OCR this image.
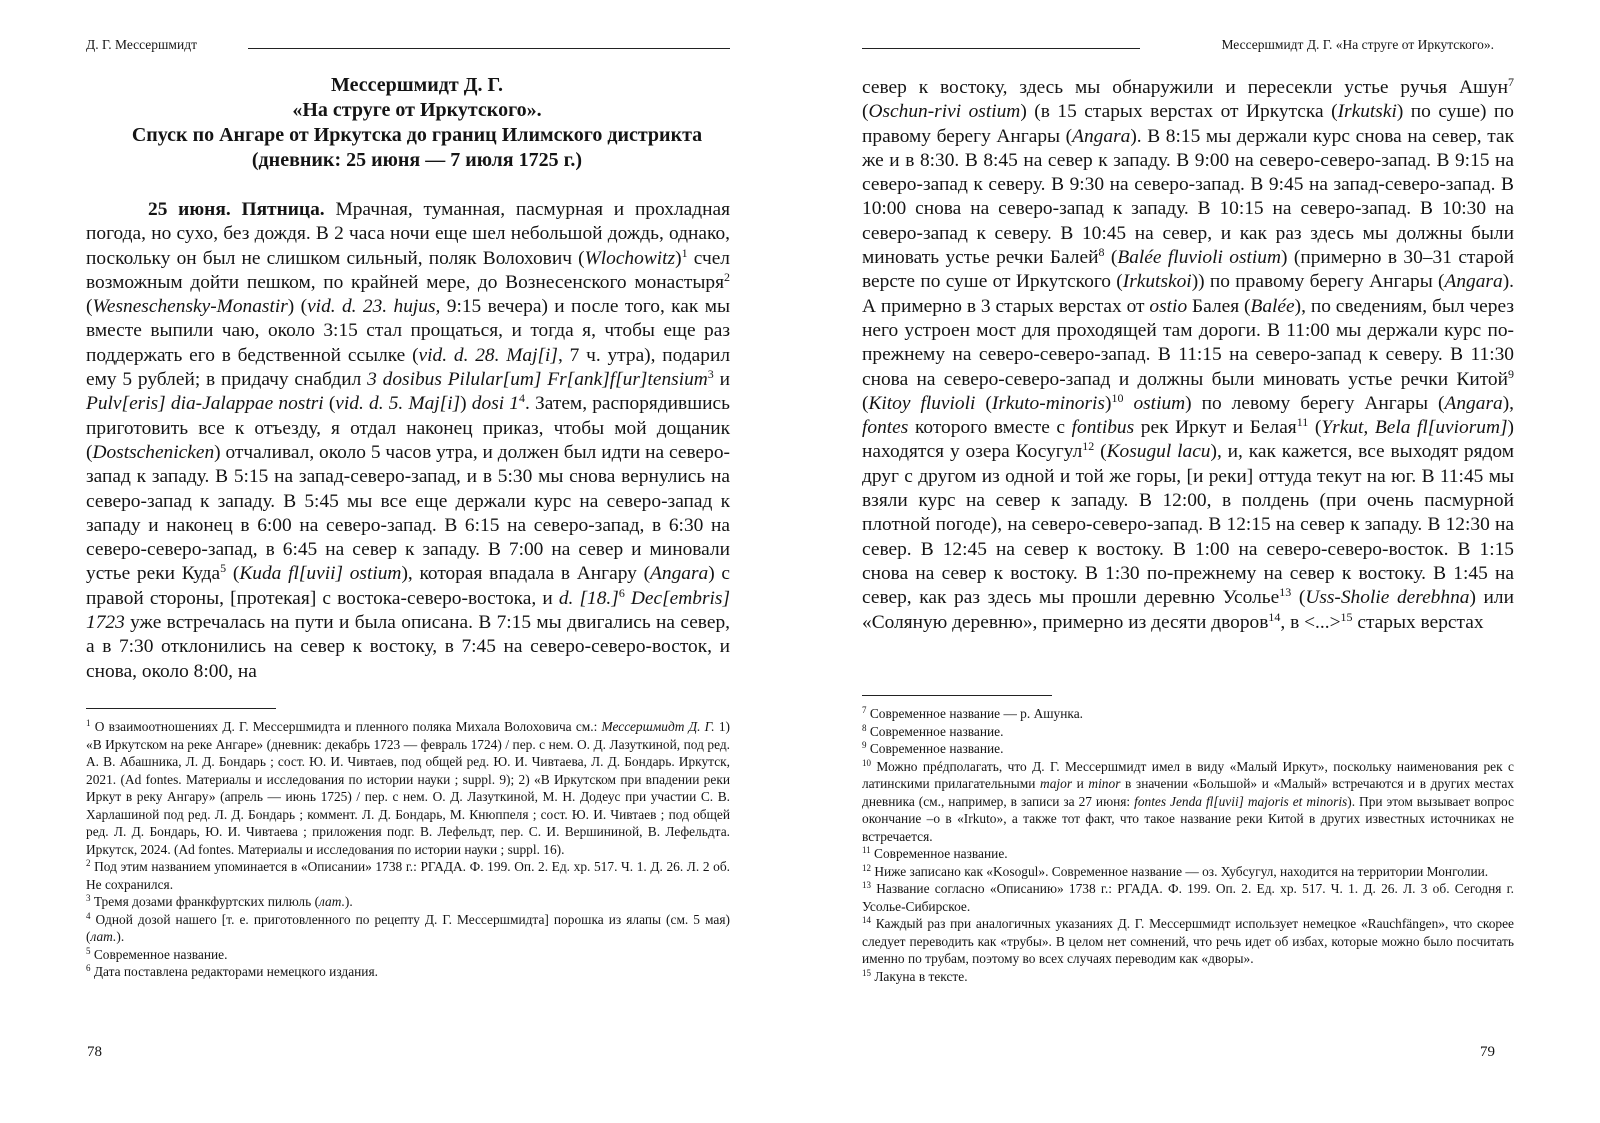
Д. Г. Мессершмидт
Мессершмидт Д. Г.
«На струге от Иркутского».
Спуск по Ангаре от Иркутска до границ Илимского дистрикта
(дневник: 25 июня — 7 июля 1725 г.)

25 июня. Пятница. Мрачная, туманная, пасмурная и прохладная погода, но сухо, без дождя. В 2 часа ночи еще шел небольшой дождь, однако, поскольку он был не слишком сильный, поляк Волохович (Wlochowitz)$^1$ счел возможным дойти пешком, по крайней мере, до Вознесенского монастыря$^2$ (Wesneschensky-Monastir) (vid. d. 23. hujus, 9:15 вечера) и после того, как мы вместе выпили чаю, около 3:15 стал прощаться, и тогда я, чтобы еще раз поддержать его в бедственной ссылке (vid. d. 28. Maj[i], 7 ч. утра), подарил ему 5 рублей; в придачу снабдил 3 dosibus Pilular[um] Fr[ank]f[ur]tensium$^3$ и Pulv[eris] dia-Jalappae nostri (vid. d. 5. Maj[i]) dosi $1^4$. Затем, распорядившись приготовить все к отъезду, я отдал наконец приказ, чтобы мой дощаник (Dostschenicken) отчаливал, около 5 часов утра, и должен был идти на северо-запад к западу. В 5:15 на запад-северо-запад, и в 5:30 мы снова вернулись на северо-запад к западу. В 5:45 мы все еще держали курс на северо-запад к западу и наконец в 6:00 на северо-запад. В 6:15 на северо-запад, в 6:30 на северо-северо-запад, в 6:45 на север к западу. В 7:00 на север и миновали устье реки Куда$^5$ (Kuda fl[uvii] ostium), которая впадала в Ангару (Angara) с правой стороны, [протекая] с востока-северо-востока, и d. $[18.]^6$ Dec[embris] 1723 уже встречалась на пути и была описана. В 7:15 мы двигались на север, а в 7:30 отклонились на север к востоку, в 7:45 на северо-северо-восток, и снова, около 8:00, на

$^1$ О взаимоотношениях Д. Г. Мессершмидта и пленного поляка Михала Волоховича см.: Мессершмидт Д. Г. 1) «В Иркутском на реке Ангаре» (дневник: декабрь 1723 — февраль 1724) / пер. с нем. О. Д. Лазуткиной, под ред. А. В. Абашника, Л. Д. Бондарь ; сост. Ю. И. Чивтаев, под общей ред. Ю. И. Чивтаева, Л. Д. Бондарь. Иркутск, 2021. (Ad fontes. Материалы и исследования по истории науки ; suppl. 9); 2) «В Иркутском при впадении реки Иркут в реку Ангару» (апрель — июнь 1725) / пер. с нем. О. Д. Лазуткиной, М. Н. Додеус при участии С. В. Харлашиной под ред. Л. Д. Бондарь ; коммент. Л. Д. Бондарь, М. Кнюппеля ; сост. Ю. И. Чивтаев ; под общей ред. Л. Д. Бондарь, Ю. И. Чивтаева ; приложения подг. В. Лефельдт, пер. С. И. Вершининой, В. Лефельдта. Иркутск, 2024. (Ad fontes. Материалы и исследования по истории науки ; suppl. 16).

$^2$ Под этим названием упоминается в «Описании» 1738 г.: РГАДА. Ф. 199. Оп. 2. Ед. хр. 517. Ч. 1. Д. 26. Л. 2 об. Не сохранился.

$^3$ Тремя дозами франкфуртских пилюль (лат.).

$^4$ Одной дозой нашего [т. е. приготовленного по рецепту Д. Г. Мессершмидта] порошка из ялапы (см. 5 мая) (лат.).

$^5$ Современное название.

$^6$ Дата поставлена редакторами немецкого издания.

78
Мессершмидт Д. Г. «На струге от Иркутского».

север к востоку, здесь мы обнаружили и пересекли устье ручья Ашун$^7$ (Oschun-rivi ostium) (в 15 старых верстах от Иркутска (Irkutski) по суше) по правому берегу Ангары (Angara). В 8:15 мы держали курс снова на север, так же и в 8:30. В 8:45 на север к западу. В 9:00 на северо-северо-запад. В 9:15 на северо-запад к северу. В 9:30 на северо-запад. В 9:45 на запад-северо-запад. В 10:00 снова на северо-запад к западу. В 10:15 на северо-запад. В 10:30 на северо-запад к северу. В 10:45 на север, и как раз здесь мы должны были миновать устье речки Балей$^8$ (Balée fluvioli ostium) (примерно в 30–31 старой версте по суше от Иркутского (Irkutskoi)) по правому берегу Ангары (Angara). А примерно в 3 старых верстах от ostio Балея (Balée), по сведениям, был через него устроен мост для проходящей там дороги. В 11:00 мы держали курс по-прежнему на северо-северо-запад. В 11:15 на северо-запад к северу. В 11:30 снова на северо-северо-запад и должны были миновать устье речки Китой$^9$ (Kitoy fluvioli (Irkuto-minoris)$^{10}$ ostium) по левому берегу Ангары (Angara), fontes которого вместе с fontibus рек Иркут и Белая$^{11}$ (Yrkut, Bela fl[uviorum]) находятся у озера Косугул$^{12}$ (Kosugul lacu), и, как кажется, все выходят рядом друг с другом из одной и той же горы, [и реки] оттуда текут на юг. В 11:45 мы взяли курс на север к западу. В 12:00, в полдень (при очень пасмурной плотной погоде), на северо-северо-запад. В 12:15 на север к западу. В 12:30 на север. В 12:45 на север к востоку. В 1:00 на северо-северо-восток. В 1:15 снова на север к востоку. В 1:30 по-прежнему на север к востоку. В 1:45 на север, как раз здесь мы прошли деревню Усолье$^{13}$ (Uss-Sholie derebhna) или «Соляную деревню», примерно из десяти дворов$^{14}$, в <...>$^{15}$ старых верстах

$^7$ Современное название — р. Ашунка.

$^8$ Современное название.

$^9$ Современное название.

$^{10}$ Можно прéдполагать, что Д. Г. Мессершмидт имел в виду «Малый Иркут», поскольку наименования рек с латинскими прилагательными major и minor в значении «Большой» и «Малый» встречаются и в других местах дневника (см., например, в записи за 27 июня: fontes Jenda fl[uvii] majoris et minoris). При этом вызывает вопрос окончание –о в «Irkuto», а также тот факт, что такое название реки Китой в других известных источниках не встречается.

$^{11}$ Современное название.

$^{12}$ Ниже записано как «Kosogul». Современное название — оз. Хубсугул, находится на территории Монголии.

$^{13}$ Название согласно «Описанию» 1738 г.: РГАДА. Ф. 199. Оп. 2. Ед. хр. 517. Ч. 1. Д. 26. Л. 3 об. Сегодня г. Усолье-Сибирское.

$^{14}$ Каждый раз при аналогичных указаниях Д. Г. Мессершмидт использует немецкое «Rauchfängen», что скорее следует переводить как «трубы». В целом нет сомнений, что речь идет об избах, которые можно было посчитать именно по трубам, поэтому во всех случаях переводим как «дворы».

$^{15}$ Лакуна в тексте.

79
